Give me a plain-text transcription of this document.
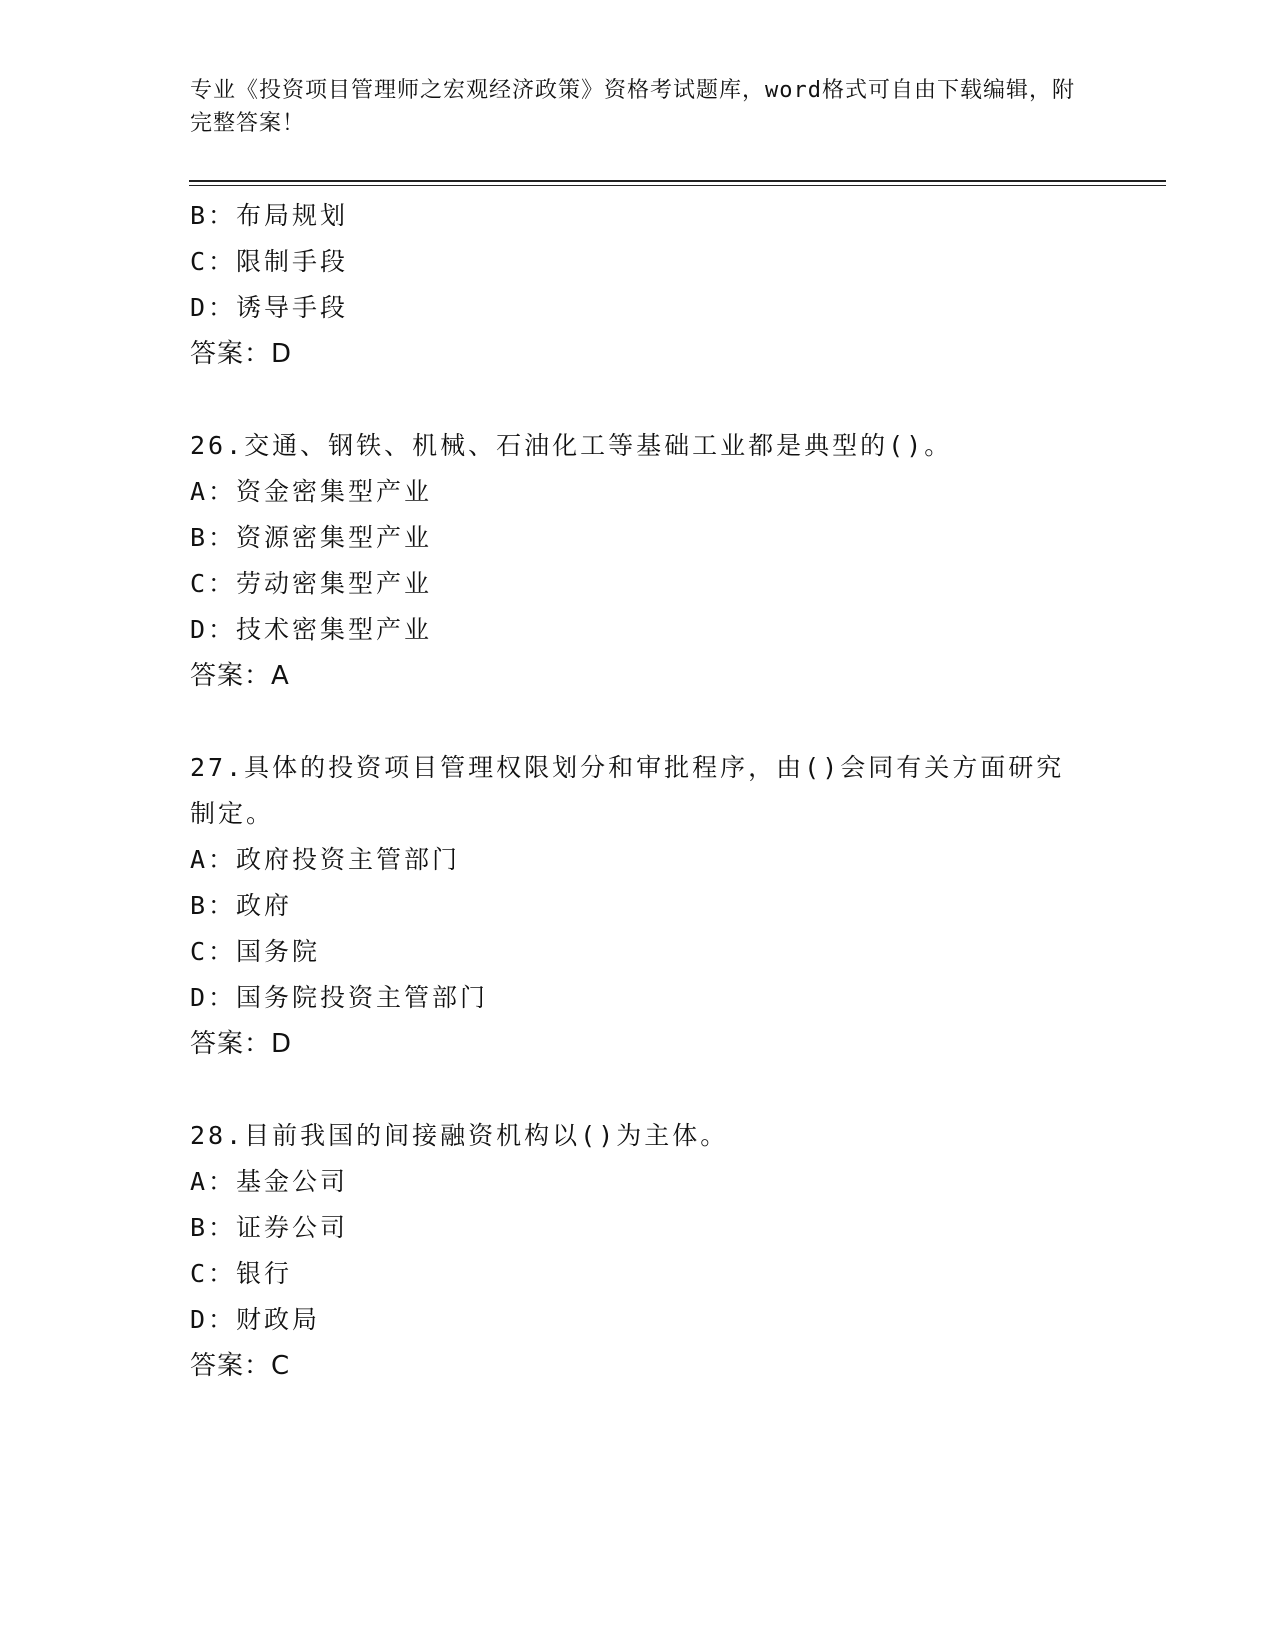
专业《投资项目管理师之宏观经济政策》资格考试题库，word格式可自由下载编辑，附完整答案！
B：布局规划
C：限制手段
D：诱导手段
答案：D
26.交通、钢铁、机械、石油化工等基础工业都是典型的()。
A：资金密集型产业
B：资源密集型产业
C：劳动密集型产业
D：技术密集型产业
答案：A
27.具体的投资项目管理权限划分和审批程序，由()会同有关方面研究制定。
A：政府投资主管部门
B：政府
C：国务院
D：国务院投资主管部门
答案：D
28.目前我国的间接融资机构以()为主体。
A：基金公司
B：证券公司
C：银行
D：财政局
答案：C
